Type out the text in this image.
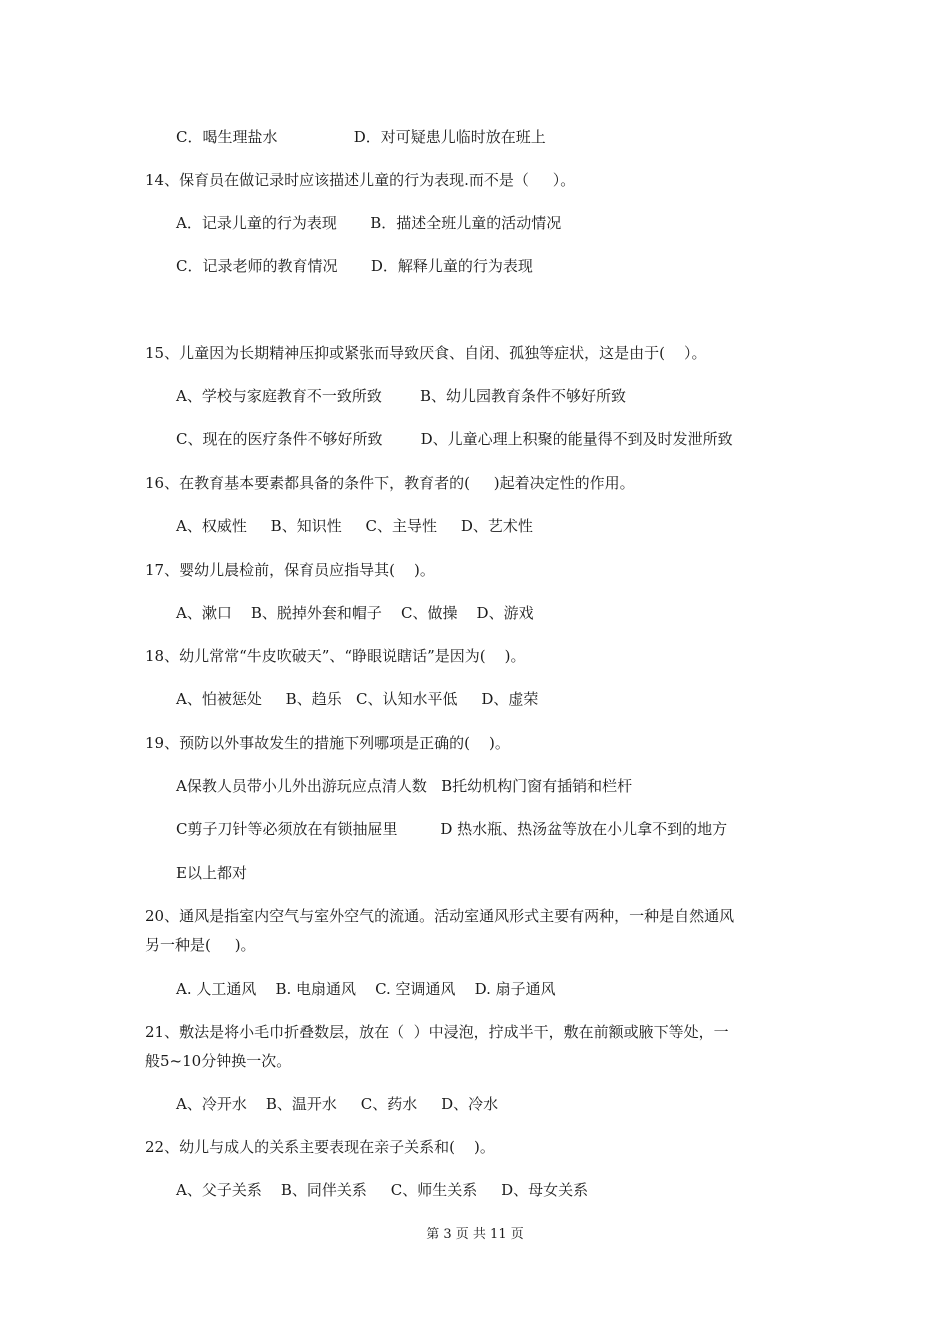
C．喝生理盐水                D．对可疑患儿临时放在班上
14、保育员在做记录时应该描述儿童的行为表现.而不是（     ）。
A．记录儿童的行为表现       B．描述全班儿童的活动情况
C．记录老师的教育情况       D．解释儿童的行为表现
15、儿童因为长期精神压抑或紧张而导致厌食、自闭、孤独等症状，这是由于(    ）。
A、学校与家庭教育不一致所致        B、幼儿园教育条件不够好所致
C、现在的医疗条件不够好所致        D、儿童心理上积聚的能量得不到及时发泄所致
16、在教育基本要素都具备的条件下，教育者的(     )起着决定性的作用。
A、权威性     B、知识性     C、主导性     D、艺术性
17、婴幼儿晨检前，保育员应指导其(    )。
A、漱口    B、脱掉外套和帽子    C、做操    D、游戏
18、幼儿常常“牛皮吹破天”、“睁眼说瞎话”是因为(    )。
A、怕被惩处     B、趋乐   C、认知水平低     D、虚荣
19、预防以外事故发生的措施下列哪项是正确的(    )。
A保教人员带小儿外出游玩应点清人数   B托幼机构门窗有插销和栏杆
C剪子刀针等必须放在有锁抽屉里         D 热水瓶、热汤盆等放在小儿拿不到的地方
E以上都对
20、通风是指室内空气与室外空气的流通。活动室通风形式主要有两种，一种是自然通风
另一种是(     )。
A. 人工通风    B. 电扇通风    C. 空调通风    D. 扇子通风
21、敷法是将小毛巾折叠数层，放在（  ）中浸泡，拧成半干，敷在前额或腋下等处，一
般5~10分钟换一次。
A、冷开水    B、温开水     C、药水     D、冷水
22、幼儿与成人的关系主要表现在亲子关系和(    )。
A、父子关系    B、同伴关系     C、师生关系     D、母女关系
第 3 页 共 11 页
